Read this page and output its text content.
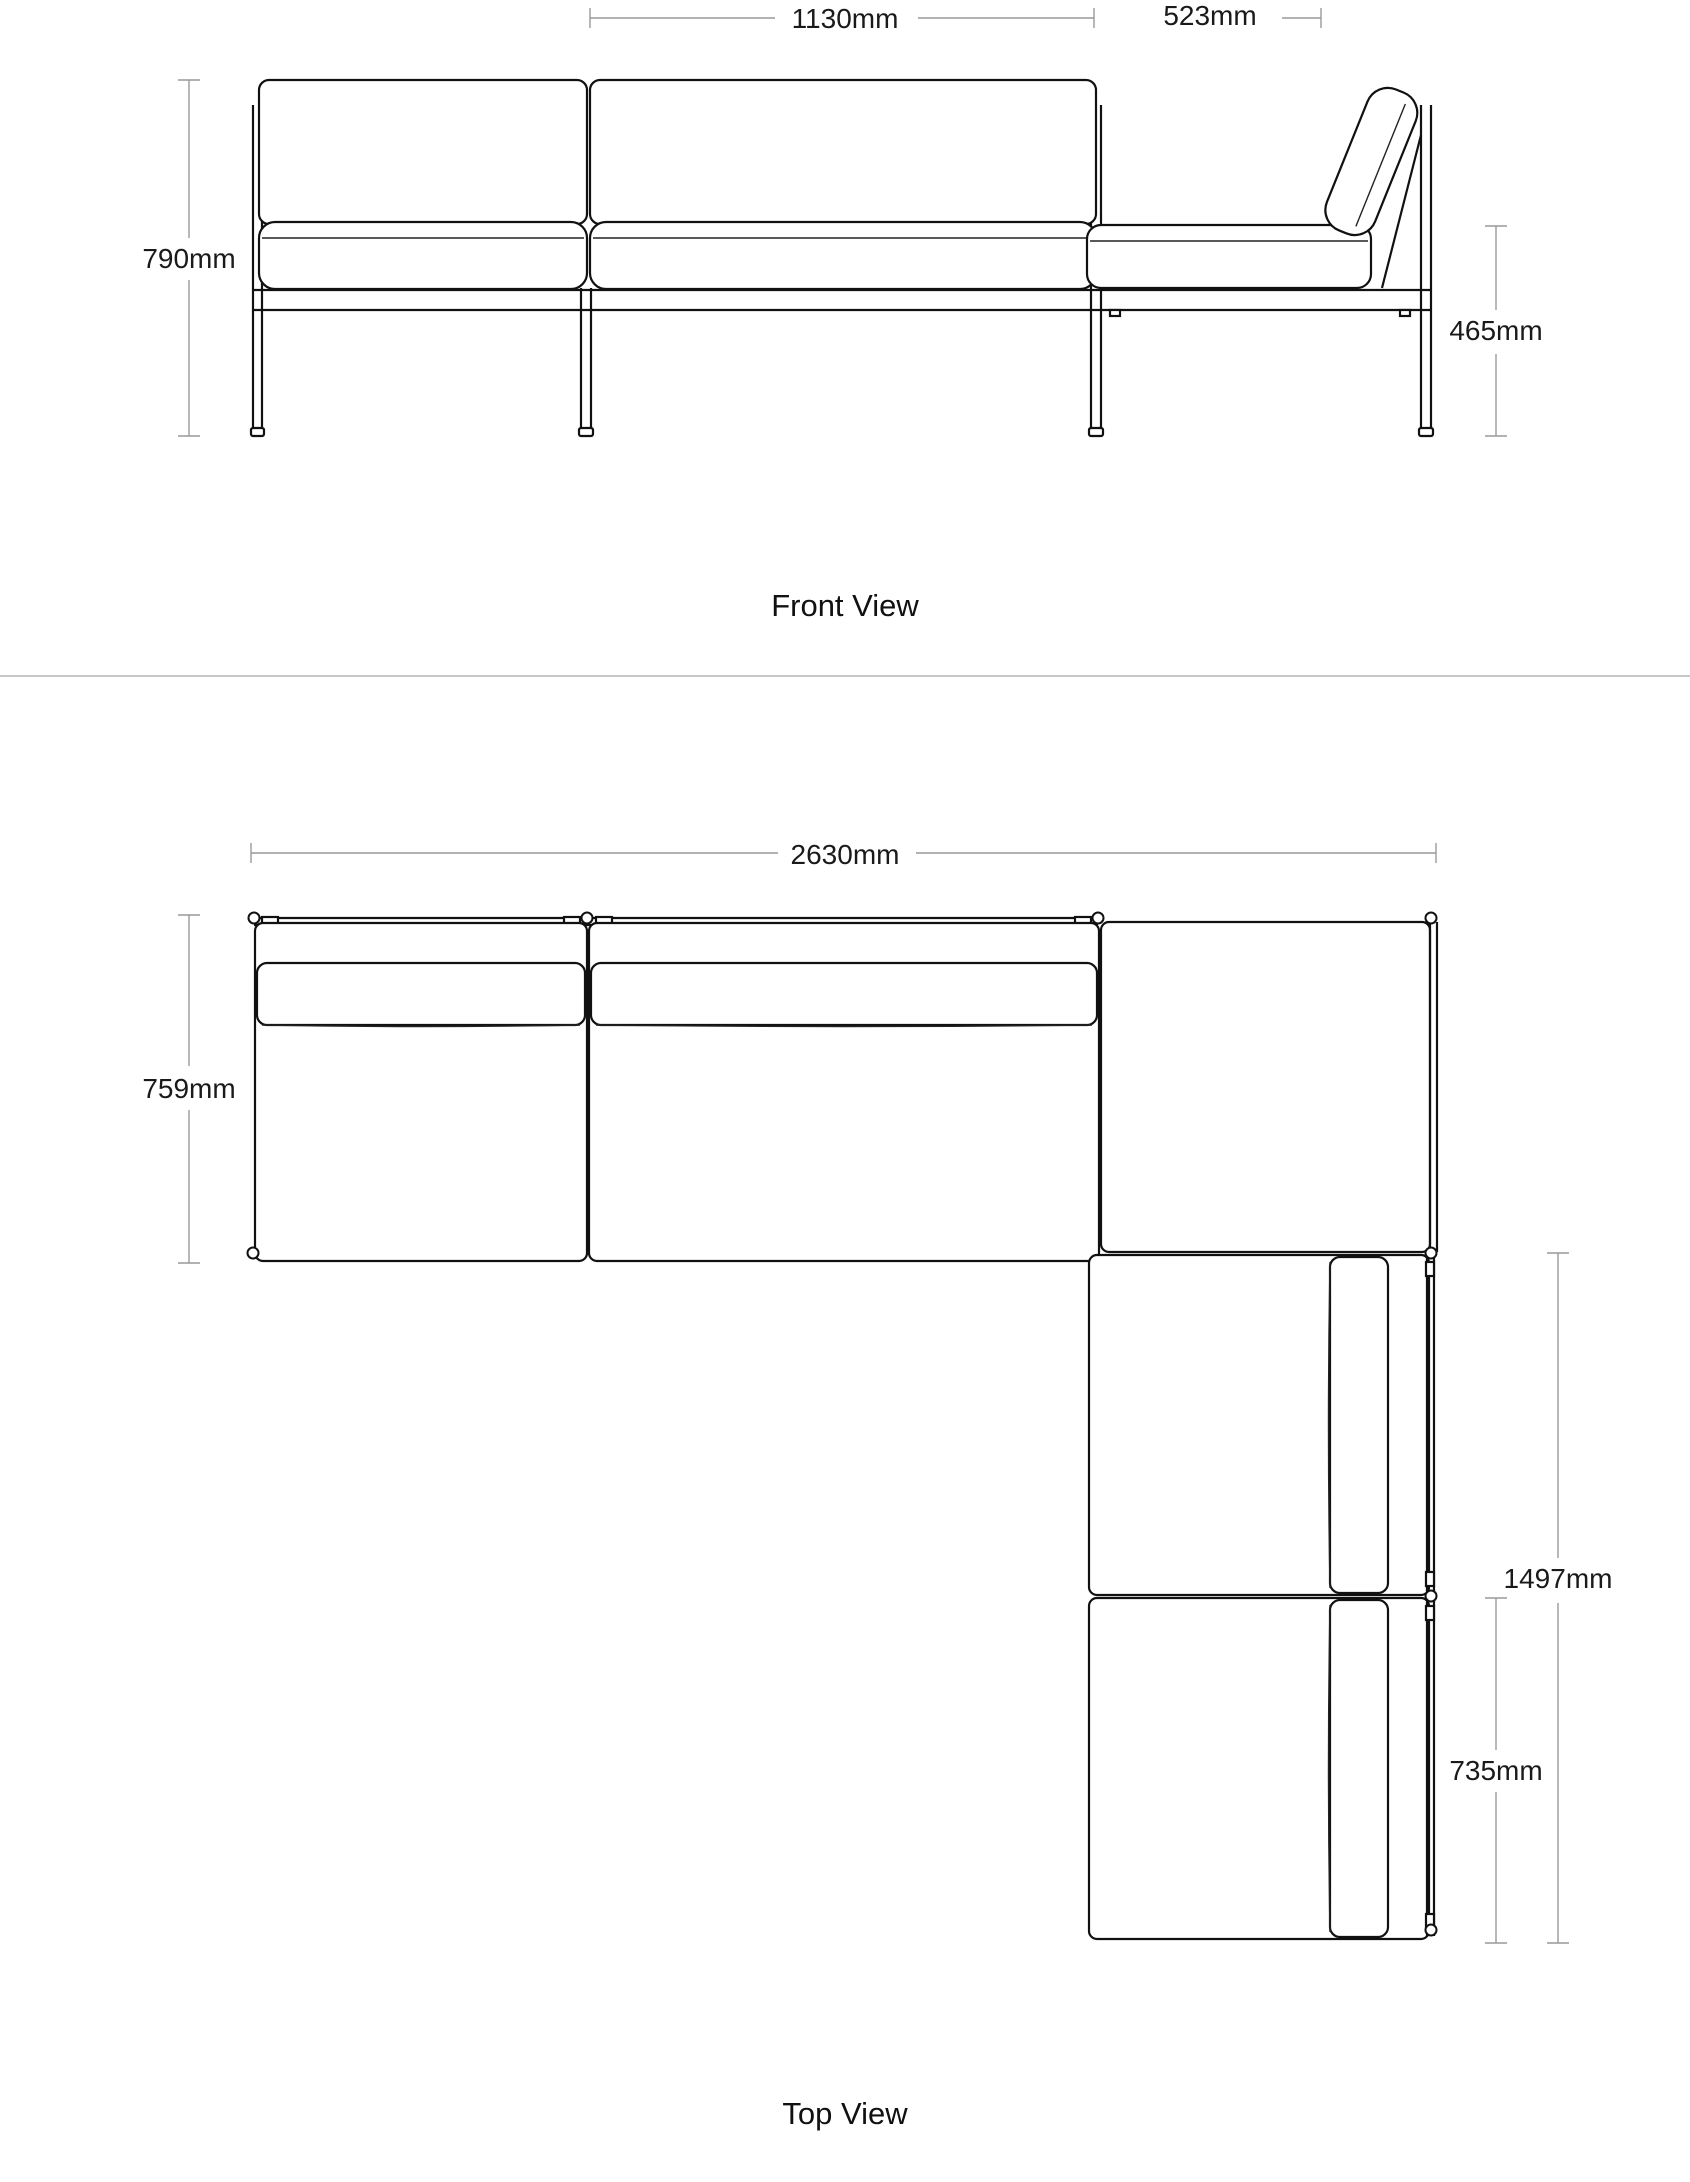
1130mm	523mm
790mm
465mm
Front View
2630mm
759mm
1497mm
735mm
Top View
